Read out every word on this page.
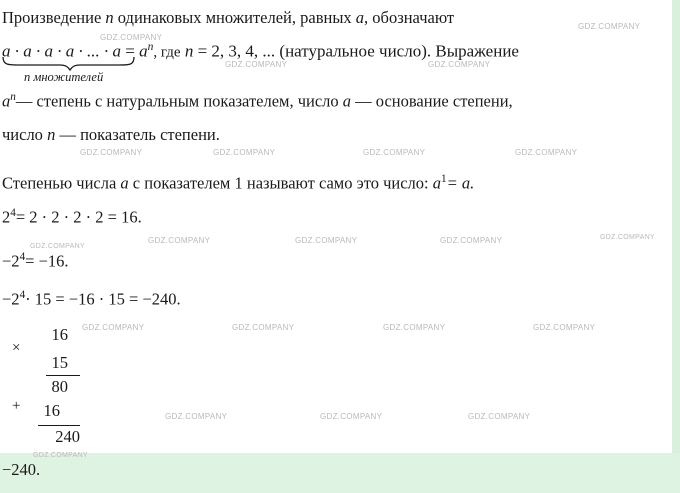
Произведение n одинаковых множителей, равных a, обозначают
a · a · a · a · ... · $a = a^n$, где n = 2, 3, 4, ... (натуральное число). Выражение
n множителей
$a^n—$ степень с натуральным показателем, число a — основание степени,
число n — показатель степени.
Степенью числа a с показателем 1 называют само это число: $a^1= a$.
$2^4= 2 \cdot 2 \cdot 2 \cdot 2 = 16$.
$-2^4= -16$.
$-2^4\cdot 15 = -16 \cdot 15 = -240$.
×
16
15
80
+	16
240
−240.
GDZ.COMPANY
GDZ.COMPANY
GDZ.COMPANY	GDZ.COMPANY
GDZ.COMPANY	GDZ.COMPANY	GDZ.COMPANY	GDZ.COMPANY
GDZ.COMPANY
GDZ.COMPANY	GDZ.COMPANY	GDZ.COMPANY	GDZ.COMPANY
GDZ.COMPANY	GDZ.COMPANY	GDZ.COMPANY	GDZ.COMPANY
GDZ.COMPANY	GDZ.COMPANY	GDZ.COMPANY
GDZ.COMPANY
